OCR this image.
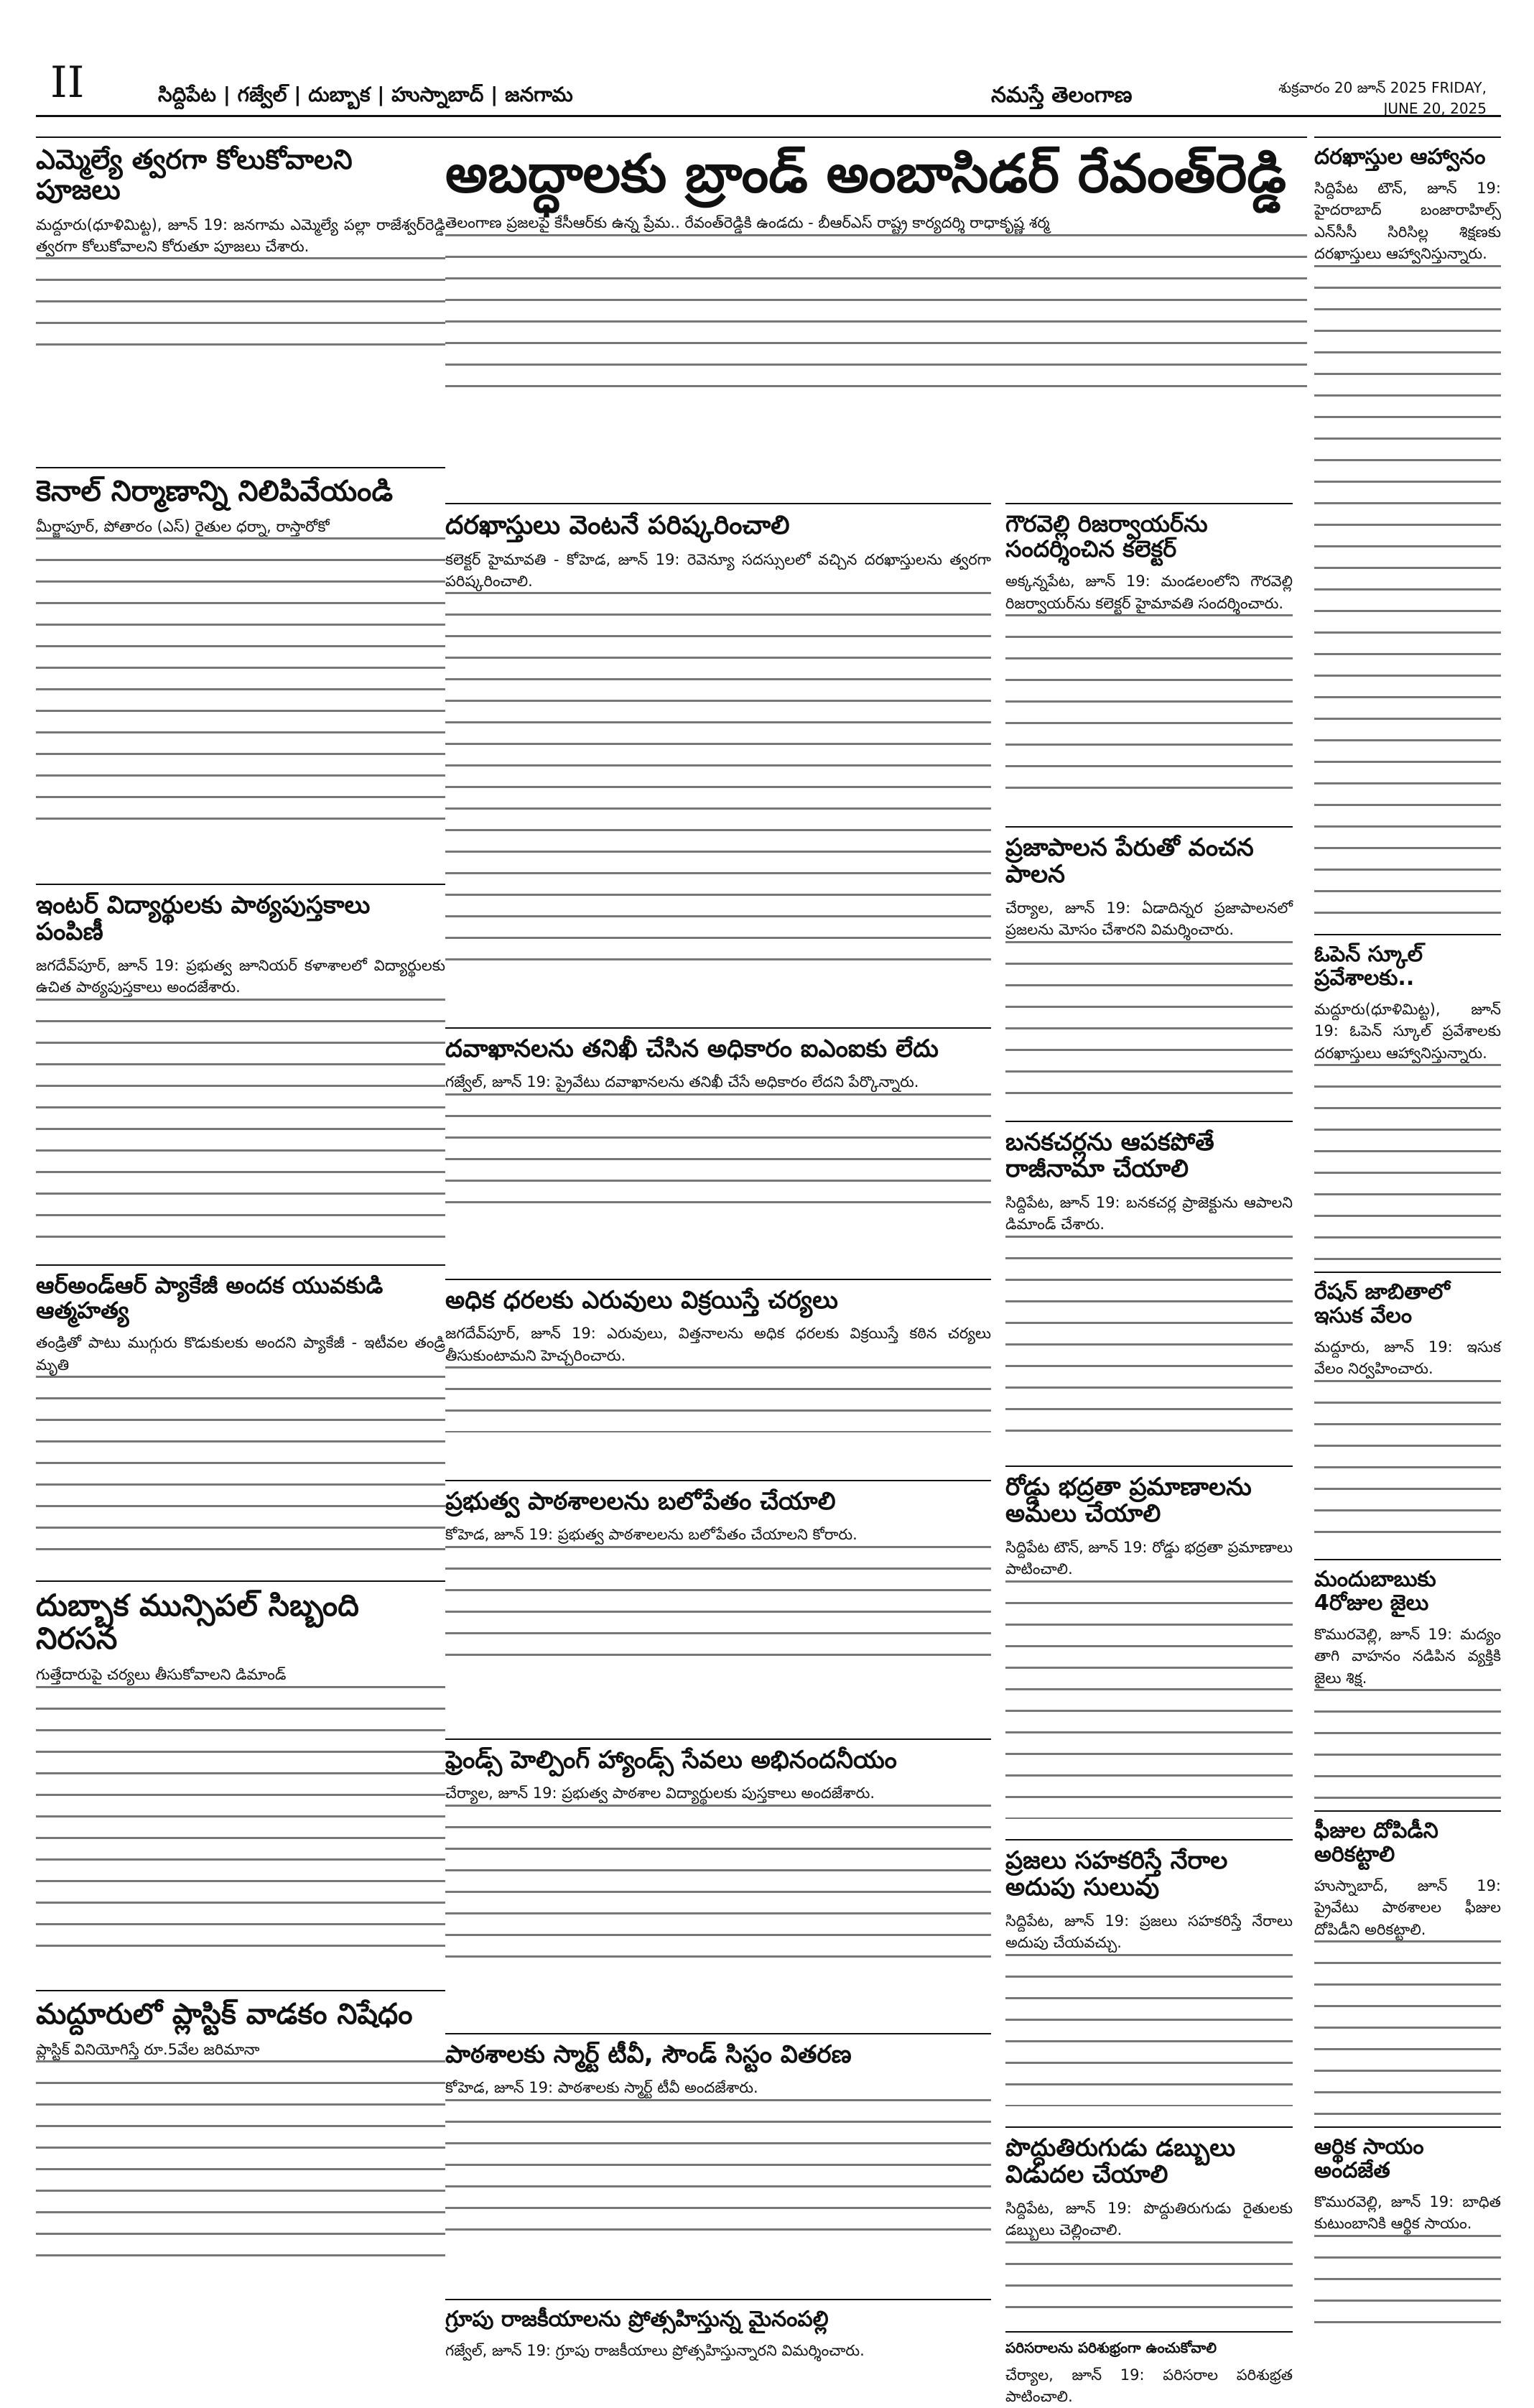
II	సిద్దిపేట | గజ్వేల్ | దుబ్బాక | హుస్నాబాద్ | జనగామ	నమస్తే తెలంగాణ	శుక్రవారం 20 జూన్ 2025 FRIDAY, JUNE 20, 2025
ఎమ్మెల్యే త్వరగా కోలుకోవాలని పూజలు

మద్దూరు(ధూళిమిట్ట), జూన్ 19: జనగామ ఎమ్మెల్యే పల్లా రాజేశ్వర్‌రెడ్డి త్వరగా కోలుకోవాలని కోరుతూ పూజలు చేశారు.

అబద్ధాలకు బ్రాండ్ అంబాసిడర్ రేవంత్‌రెడ్డి

తెలంగాణ ప్రజలపై కేసీఆర్‌కు ఉన్న ప్రేమ.. రేవంత్‌రెడ్డికి ఉండదు - బీఆర్‌ఎస్ రాష్ట్ర కార్యదర్శి రాధాకృష్ణ శర్మ

దరఖాస్తుల ఆహ్వానం

సిద్దిపేట టౌన్, జూన్ 19: హైదరాబాద్ బంజారాహిల్స్ ఎన్‌సీసీ సిరిసిల్ల శిక్షణకు దరఖాస్తులు ఆహ్వానిస్తున్నారు.

కెనాల్ నిర్మాణాన్ని నిలిపివేయండి

మీర్జాపూర్, పోతారం (ఎస్) రైతుల ధర్నా, రాస్తారోకో	దరఖాస్తులు వెంటనే పరిష్కరించాలి

కలెక్టర్ హైమావతి - కోహెడ, జూన్ 19: రెవెన్యూ సదస్సులలో వచ్చిన దరఖాస్తులను త్వరగా పరిష్కరించాలి.

గౌరవెల్లి రిజర్వాయర్‌ను సందర్శించిన కలెక్టర్

అక్కన్నపేట, జూన్ 19: మండలంలోని గౌరవెల్లి రిజర్వాయర్‌ను కలెక్టర్ హైమావతి సందర్శించారు.

ప్రజాపాలన పేరుతో వంచన పాలన

చేర్యాల, జూన్ 19: ఏడాదిన్నర ప్రజాపాలనలో ప్రజలను మోసం చేశారని విమర్శించారు.

ఇంటర్ విద్యార్థులకు పాఠ్యపుస్తకాలు పంపిణీ

జగదేవ్‌పూర్, జూన్ 19: ప్రభుత్వ జూనియర్ కళాశాలలో విద్యార్థులకు ఉచిత పాఠ్యపుస్తకాలు అందజేశారు.

దవాఖానలను తనిఖీ చేసిన అధికారం ఐఎంఐకు లేదు

గజ్వేల్, జూన్ 19: ప్రైవేటు దవాఖానలను తనిఖీ చేసే అధికారం లేదని పేర్కొన్నారు.

అధిక ధరలకు ఎరువులు విక్రయిస్తే చర్యలు

జగదేవ్‌పూర్, జూన్ 19: ఎరువులు, విత్తనాలను అధిక ధరలకు విక్రయిస్తే కఠిన చర్యలు తీసుకుంటామని హెచ్చరించారు.

బనకచర్లను ఆపకపోతే రాజీనామా చేయాలి

సిద్దిపేట, జూన్ 19: బనకచర్ల ప్రాజెక్టును ఆపాలని డిమాండ్ చేశారు.

ఓపెన్ స్కూల్ ప్రవేశాలకు..

మద్దూరు(ధూళిమిట్ట), జూన్ 19: ఓపెన్ స్కూల్ ప్రవేశాలకు దరఖాస్తులు ఆహ్వానిస్తున్నారు.

ఆర్‌అండ్‌ఆర్ ప్యాకేజీ అందక యువకుడి ఆత్మహత్య

తండ్రితో పాటు ముగ్గురు కొడుకులకు అందని ప్యాకేజీ - ఇటీవల తండ్రి మృతి

ప్రభుత్వ పాఠశాలలను బలోపేతం చేయాలి

కోహెడ, జూన్ 19: ప్రభుత్వ పాఠశాలలను బలోపేతం చేయాలని కోరారు.

రేషన్ జాబితాలో ఇసుక వేలం

మద్దూరు, జూన్ 19: ఇసుక వేలం నిర్వహించారు.

మందుబాబుకు 4రోజుల జైలు

కొమురవెల్లి, జూన్ 19: మద్యం తాగి వాహనం నడిపిన వ్యక్తికి జైలు శిక్ష.

రోడ్డు భద్రతా ప్రమాణాలను అమలు చేయాలి

సిద్దిపేట టౌన్, జూన్ 19: రోడ్డు భద్రతా ప్రమాణాలు పాటించాలి.

ఫ్రెండ్స్ హెల్పింగ్ హ్యాండ్స్ సేవలు అభినందనీయం

చేర్యాల, జూన్ 19: ప్రభుత్వ పాఠశాల విద్యార్థులకు పుస్తకాలు అందజేశారు.

ఫీజుల దోపిడీని అరికట్టాలి

హుస్నాబాద్, జూన్ 19: ప్రైవేటు పాఠశాలల ఫీజుల దోపిడీని అరికట్టాలి.

దుబ్బాక మున్సిపల్ సిబ్బంది నిరసన

గుత్తేదారుపై చర్యలు తీసుకోవాలని డిమాండ్

ప్రజలు సహకరిస్తే నేరాల అదుపు సులువు

సిద్దిపేట, జూన్ 19: ప్రజలు సహకరిస్తే నేరాలు అదుపు చేయవచ్చు.

పాఠశాలకు స్మార్ట్ టీవీ, సౌండ్ సిస్టం వితరణ

కోహెడ, జూన్ 19: పాఠశాలకు స్మార్ట్ టీవీ అందజేశారు.

ఆర్థిక సాయం అందజేత

కొమురవెల్లి, జూన్ 19: బాధిత కుటుంబానికి ఆర్థిక సాయం.

పొద్దుతిరుగుడు డబ్బులు విడుదల చేయాలి

సిద్దిపేట, జూన్ 19: పొద్దుతిరుగుడు రైతులకు డబ్బులు చెల్లించాలి.

మద్దూరులో ప్లాస్టిక్ వాడకం నిషేధం

ప్లాస్టిక్ వినియోగిస్తే రూ.5వేల జరిమానా

గ్రూపు రాజకీయాలను ప్రోత్సహిస్తున్న మైనంపల్లి

గజ్వేల్, జూన్ 19: గ్రూపు రాజకీయాలు ప్రోత్సహిస్తున్నారని విమర్శించారు.	పరిసరాలను పరిశుభ్రంగా ఉంచుకోవాలి

చేర్యాల, జూన్ 19: పరిసరాల పరిశుభ్రత పాటించాలి.
